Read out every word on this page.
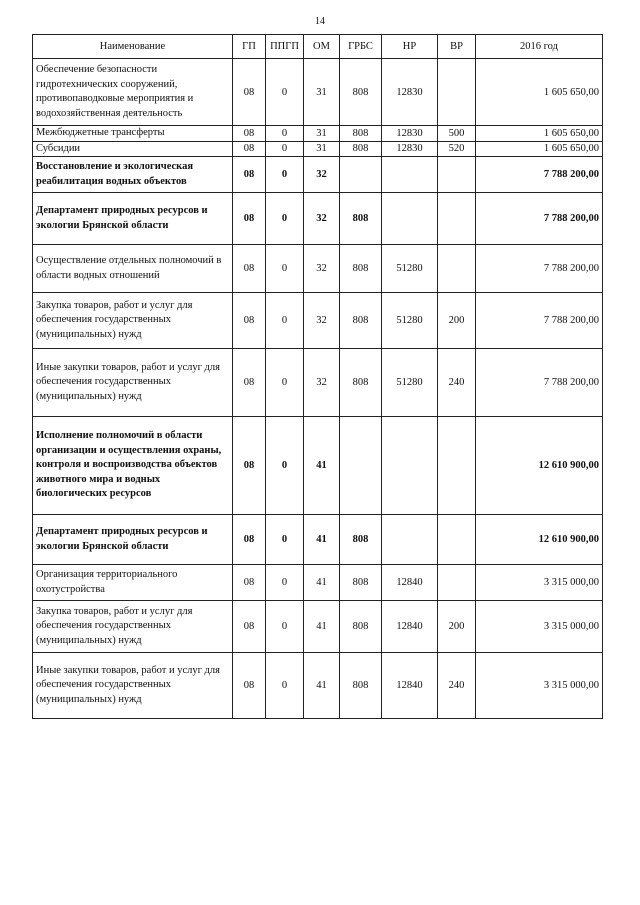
14
Наименование	ГП	ППГП	ОМ	ГРБС	НР	ВР	2016 год
Обеспечение безопасности гидротехнических сооружений, противопаводковые мероприятия и водохозяйственная деятельность	08	0	31	808	12830		1 605 650,00
Межбюджетные трансферты	08	0	31	808	12830	500	1 605 650,00
Субсидии	08	0	31	808	12830	520	1 605 650,00
Восстановление и экологическая реабилитация водных объектов	08	0	32				7 788 200,00
Департамент природных ресурсов и экологии Брянской области	08	0	32	808			7 788 200,00
Осуществление отдельных полномочий в области водных отношений	08	0	32	808	51280		7 788 200,00
Закупка товаров, работ и услуг для обеспечения государственных (муниципальных) нужд	08	0	32	808	51280	200	7 788 200,00
Иные закупки товаров, работ и услуг для обеспечения государственных (муниципальных) нужд	08	0	32	808	51280	240	7 788 200,00
Исполнение полномочий в области организации и осуществления охраны, контроля и воспроизводства объектов животного мира и водных биологических ресурсов	08	0	41				12 610 900,00
Департамент природных ресурсов и экологии Брянской области	08	0	41	808			12 610 900,00
Организация территориального охотустройства	08	0	41	808	12840		3 315 000,00
Закупка товаров, работ и услуг для обеспечения государственных (муниципальных) нужд	08	0	41	808	12840	200	3 315 000,00
Иные закупки товаров, работ и услуг для обеспечения государственных (муниципальных) нужд	08	0	41	808	12840	240	3 315 000,00
